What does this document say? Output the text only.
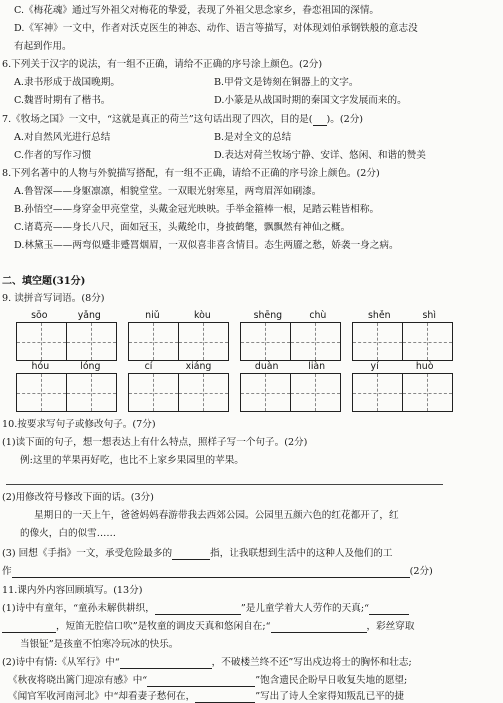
C.《梅花魂》通过写外祖父对梅花的挚爱，表现了外祖父思念家乡，眷恋祖国的深情。
D.《军神》一文中，作者对沃克医生的神态、动作、语言等描写，对体现刘伯承钢铁般的意志没
有起到作用。
6.下列关于汉字的说法，有一组不正确，请给不正确的序号涂上颜色。(2分)
A.隶书形成于战国晚期。	B.甲骨文是铸刻在铜器上的文字。
C.魏晋时期有了楷书。	D.小篆是从战国时期的秦国文字发展而来的。
7.《牧场之国》一文中，“这就是真正的荷兰”这句话出现了四次，目的是( )。(2分)
A.对自然风光进行总结	B.是对全文的总结
C.作者的写作习惯	D.表达对荷兰牧场宁静、安详、悠闲、和谐的赞美
8.下列名著中的人物与外貌描写搭配，有一组不正确，请给不正确的序号涂上颜色。(2分)
A.鲁智深——身躯凛凛，相貌堂堂。一双眼光射寒星，两弯眉浑如刷漆。
B.孙悟空——身穿金甲亮堂堂，头戴金冠光映映。手举金箍棒一根，足踏云鞋皆相称。
C.诸葛亮——身长八尺，面如冠玉，头戴纶巾，身披鹤氅，飘飘然有神仙之概。
D.林黛玉——两弯似蹙非蹙罥烟眉，一双似喜非喜含情目。态生两靥之愁，娇袭一身之病。
二、填空题(31分)
9. 读拼音写词语。(8分)
sōo	yǎng	niǔ	kòu	shēng	chù	shěn	shì
hóu	lóng	cí	xiáng	duàn	liàn	yí	huò
10.按要求写句子或修改句子。(7分)
(1)读下面的句子，想一想表达上有什么特点，照样子写一个句子。(2分)
例:这里的苹果再好吃，也比不上家乡果园里的苹果。
(2)用修改符号修改下面的话。(3分)
星期日的一天上午，爸爸妈妈春游带我去西郊公园。公园里五颜六色的红花都开了，红
的像火，白的似雪……
(3) 回想《手指》一文，承受危险最多的	指，让我联想到生活中的这种人及他们的工
作	(2分)
11.课内外内容回顾填写。(13分)
(1)诗中有童年，“童孙未解供耕织，	”是儿童学着大人劳作的天真;“
，短笛无腔信口吹”是牧童的调皮天真和悠闲自在;“	，彩丝穿取
当银钲”是孩童不怕寒冷玩冰的快乐。
(2)诗中有情:《从军行》中“	，不破楼兰终不还”写出戍边将士的胸怀和壮志;
《秋夜将晓出篱门迎凉有感》中“	”饱含遗民企盼早日收复失地的愿望;
《闻官军收河南河北》中“却看妻子愁何在，	”写出了诗人全家得知叛乱已平的捷
